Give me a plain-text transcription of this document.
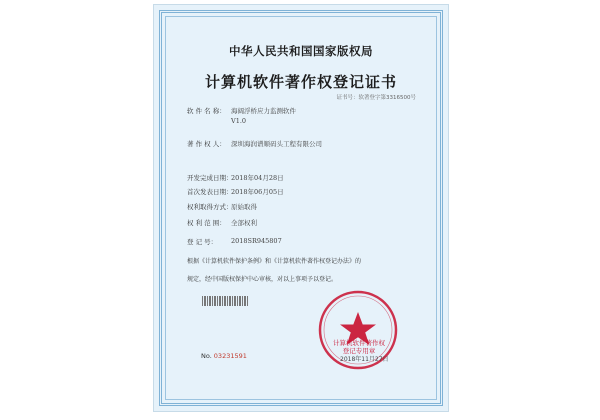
中华人民共和国国家版权局
计算机软件著作权登记证书
证书号：软著登字第3316500号
软 件 名 称： 海阔浮桥应力监测软件
V1.0
著 作 权 人： 深圳海润谱顺码头工程有限公司
开发完成日期：
2018年04月28日
首次发表日期：
2018年06月05日
权利取得方式：
原始取得
权 利 范 围： 全部权利
登 记 号： 2018SR945807
根据《计算机软件保护条例》和《计算机软件著作权登记办法》的
规定，经中国版权保护中心审核，对以上事项予以登记。
计算机软件著作权
登记专用章
2018年11月27日
No. 03231591
